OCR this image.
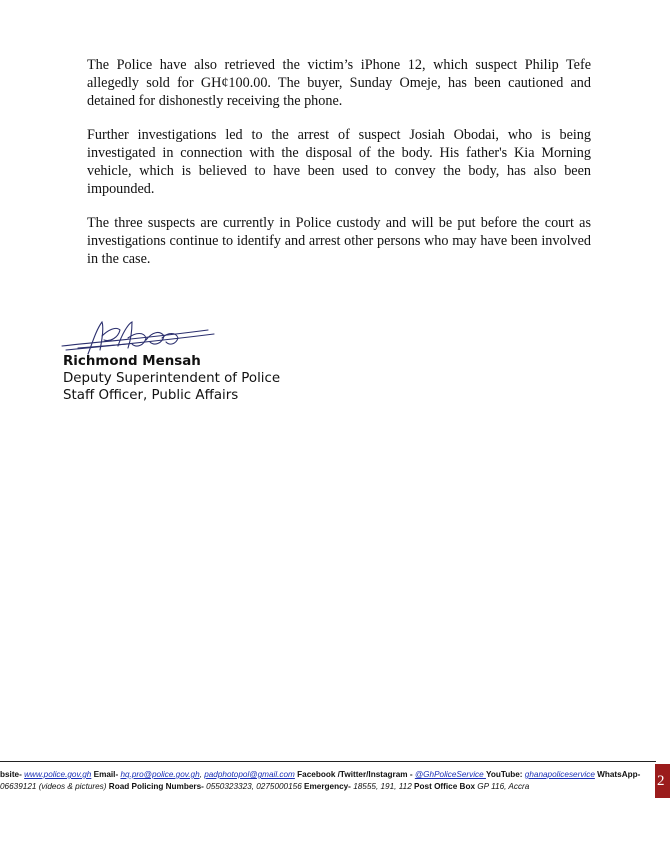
The Police have also retrieved the victim’s iPhone 12, which suspect Philip Tefe allegedly sold for GH¢100.00. The buyer, Sunday Omeje, has been cautioned and detained for dishonestly receiving the phone.

Further investigations led to the arrest of suspect Josiah Obodai, who is being investigated in connection with the disposal of the body. His father's Kia Morning vehicle, which is believed to have been used to convey the body, has also been impounded.

The three suspects are currently in Police custody and will be put before the court as investigations continue to identify and arrest other persons who may have been involved in the case.

Richmond Mensah
Deputy Superintendent of Police
Staff Officer, Public Affairs
bsite- www.police.gov.gh Email- hq.pro@police.gov.gh, padphotopol@gmail.com Facebook /Twitter/Instagram - @GhPoliceService YouTube: ghanapoliceservice WhatsApp-
06639121 (videos & pictures) Road Policing Numbers- 0550323323, 0275000156 Emergency- 18555, 191, 112 Post Office Box GP 116, Accra	2
